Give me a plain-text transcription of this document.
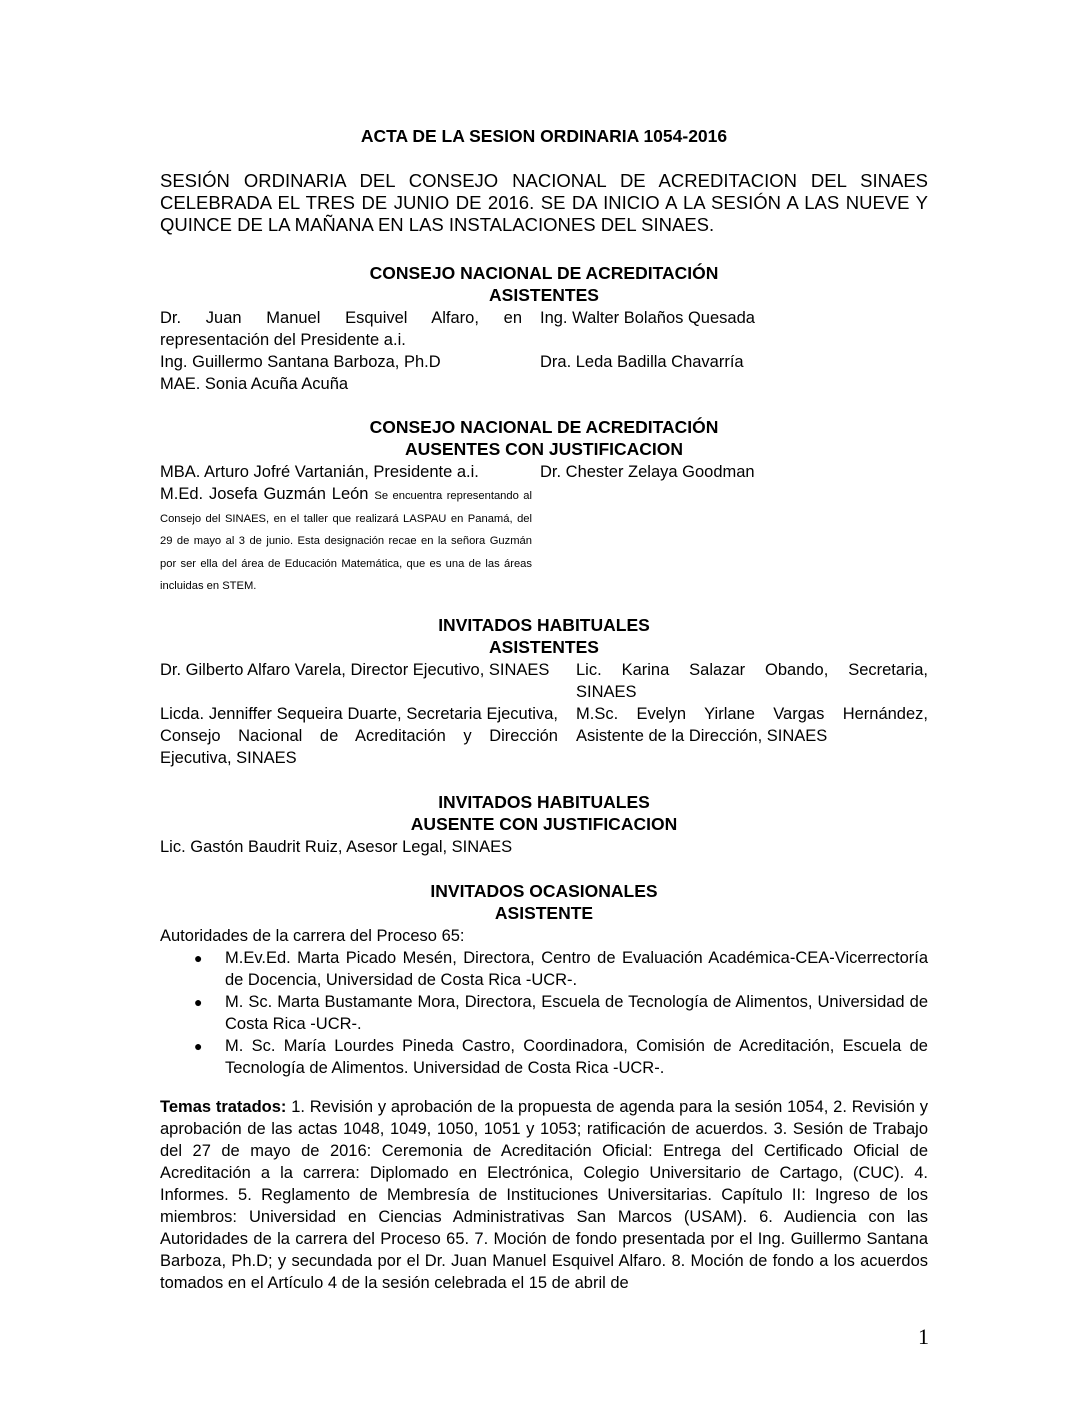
ACTA DE LA SESION ORDINARIA 1054-2016
SESIÓN ORDINARIA DEL CONSEJO NACIONAL DE ACREDITACION DEL SINAES CELEBRADA EL TRES DE JUNIO DE 2016. SE DA INICIO A LA SESIÓN A LAS NUEVE Y QUINCE DE LA MAÑANA EN LAS INSTALACIONES DEL SINAES.
CONSEJO NACIONAL DE ACREDITACIÓN
ASISTENTES
Dr. Juan Manuel Esquivel Alfaro, en representación del Presidente a.i.
Ing. Guillermo Santana Barboza, Ph.D
MAE. Sonia Acuña Acuña
Ing. Walter Bolaños Quesada
Dra. Leda Badilla Chavarría
CONSEJO NACIONAL DE ACREDITACIÓN
AUSENTES CON JUSTIFICACION
MBA. Arturo Jofré Vartanián, Presidente a.i.	Dr. Chester Zelaya Goodman
M.Ed. Josefa Guzmán León Se encuentra representando al Consejo del SINAES, en el taller que realizará LASPAU en Panamá, del 29 de mayo al 3 de junio. Esta designación recae en la señora Guzmán por ser ella del área de Educación Matemática, que es una de las áreas incluidas en STEM.
INVITADOS HABITUALES
ASISTENTES
Dr. Gilberto Alfaro Varela, Director Ejecutivo, SINAES
Licda. Jenniffer Sequeira Duarte, Secretaria Ejecutiva, Consejo Nacional de Acreditación y Dirección Ejecutiva, SINAES
Lic. Karina Salazar Obando, Secretaria, SINAES
M.Sc. Evelyn Yirlane Vargas Hernández, Asistente de la Dirección, SINAES
INVITADOS HABITUALES
AUSENTE CON JUSTIFICACION
Lic. Gastón Baudrit Ruiz, Asesor Legal, SINAES
INVITADOS OCASIONALES
ASISTENTE
Autoridades de la carrera del Proceso 65:
● M.Ev.Ed. Marta Picado Mesén, Directora, Centro de Evaluación Académica-CEA-Vicerrectoría de Docencia, Universidad de Costa Rica -UCR-.
● M. Sc. Marta Bustamante Mora, Directora, Escuela de Tecnología de Alimentos, Universidad de Costa Rica -UCR-.
● M. Sc. María Lourdes Pineda Castro, Coordinadora, Comisión de Acreditación, Escuela de Tecnología de Alimentos. Universidad de Costa Rica -UCR-.
Temas tratados: 1. Revisión y aprobación de la propuesta de agenda para la sesión 1054, 2. Revisión y aprobación de las actas 1048, 1049, 1050, 1051 y 1053; ratificación de acuerdos. 3. Sesión de Trabajo del 27 de mayo de 2016: Ceremonia de Acreditación Oficial: Entrega del Certificado Oficial de Acreditación a la carrera: Diplomado en Electrónica, Colegio Universitario de Cartago, (CUC). 4. Informes. 5. Reglamento de Membresía de Instituciones Universitarias. Capítulo II: Ingreso de los miembros: Universidad en Ciencias Administrativas San Marcos (USAM). 6. Audiencia con las Autoridades de la carrera del Proceso 65. 7. Moción de fondo presentada por el Ing. Guillermo Santana Barboza, Ph.D; y secundada por el Dr. Juan Manuel Esquivel Alfaro. 8. Moción de fondo a los acuerdos tomados en el Artículo 4 de la sesión celebrada el 15 de abril de
1
